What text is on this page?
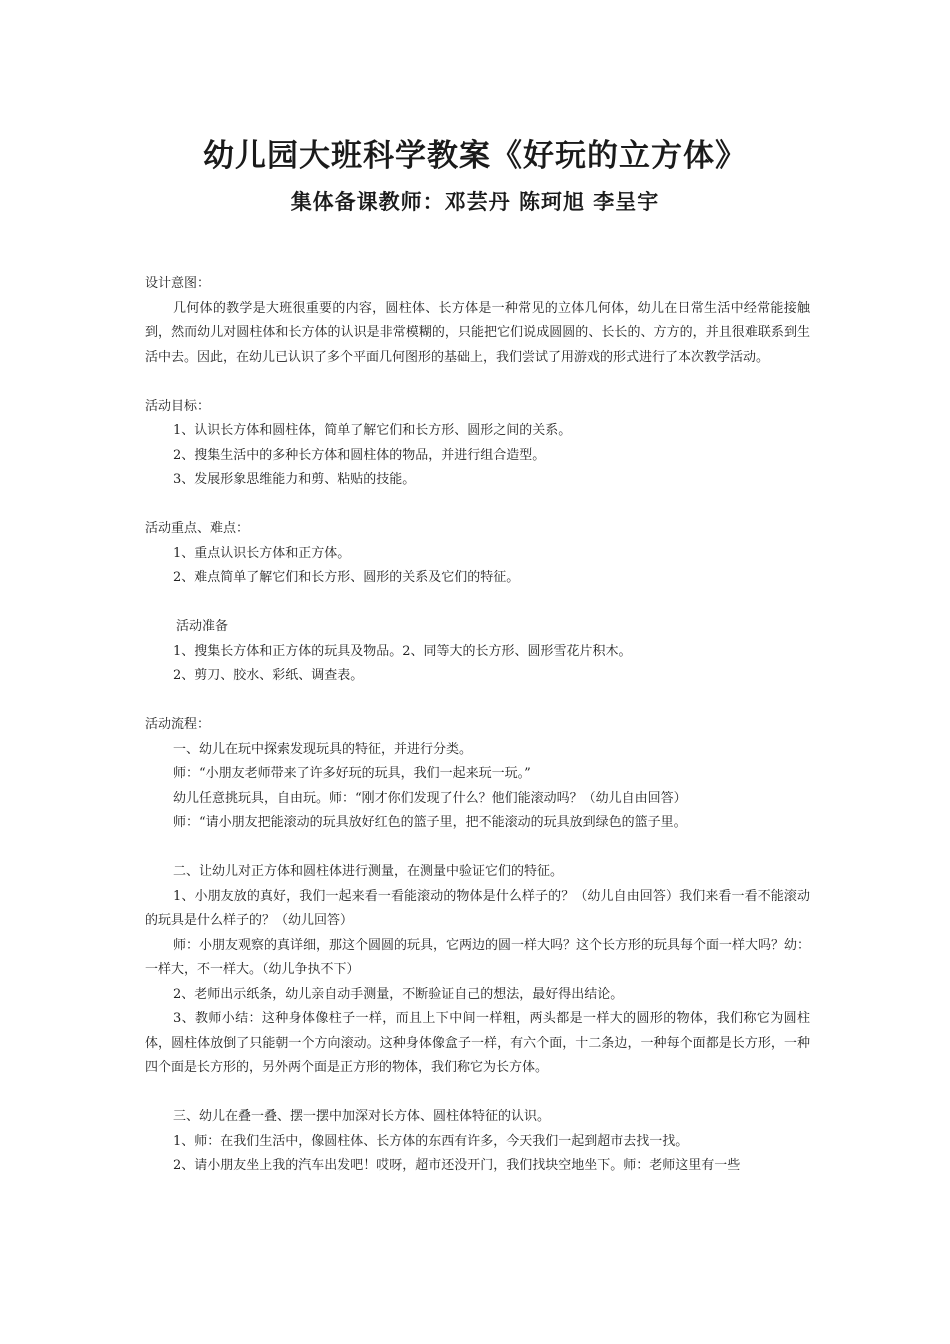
幼儿园大班科学教案《好玩的立方体》
集体备课教师：邓芸丹 陈珂旭 李呈宇
设计意图：
几何体的教学是大班很重要的内容，圆柱体、长方体是一种常见的立体几何体，幼儿在日常生活中经常能接触到，然而幼儿对圆柱体和长方体的认识是非常模糊的，只能把它们说成圆圆的、长长的、方方的，并且很难联系到生活中去。因此，在幼儿已认识了多个平面几何图形的基础上，我们尝试了用游戏的形式进行了本次教学活动。
活动目标：
1、认识长方体和圆柱体，简单了解它们和长方形、圆形之间的关系。
2、搜集生活中的多种长方体和圆柱体的物品，并进行组合造型。
3、发展形象思维能力和剪、粘贴的技能。
活动重点、难点：
1、重点认识长方体和正方体。
2、难点简单了解它们和长方形、圆形的关系及它们的特征。
活动准备
1、搜集长方体和正方体的玩具及物品。2、同等大的长方形、圆形雪花片积木。
2、剪刀、胶水、彩纸、调查表。
活动流程：
一、幼儿在玩中探索发现玩具的特征，并进行分类。
师：“小朋友老师带来了许多好玩的玩具，我们一起来玩一玩。”
幼儿任意挑玩具，自由玩。师：“刚才你们发现了什么？他们能滚动吗？（幼儿自由回答）
师：“请小朋友把能滚动的玩具放好红色的篮子里，把不能滚动的玩具放到绿色的篮子里。
二、让幼儿对正方体和圆柱体进行测量，在测量中验证它们的特征。
1、小朋友放的真好，我们一起来看一看能滚动的物体是什么样子的？（幼儿自由回答）我们来看一看不能滚动的玩具是什么样子的？（幼儿回答）
师：小朋友观察的真详细，那这个圆圆的玩具，它两边的圆一样大吗？这个长方形的玩具每个面一样大吗？幼：一样大，不一样大。（幼儿争执不下）
2、老师出示纸条，幼儿亲自动手测量，不断验证自己的想法，最好得出结论。
3、教师小结：这种身体像柱子一样，而且上下中间一样粗，两头都是一样大的圆形的物体，我们称它为圆柱体，圆柱体放倒了只能朝一个方向滚动。这种身体像盒子一样，有六个面，十二条边，一种每个面都是长方形，一种四个面是长方形的，另外两个面是正方形的物体，我们称它为长方体。
三、幼儿在叠一叠、摆一摆中加深对长方体、圆柱体特征的认识。
1、师：在我们生活中，像圆柱体、长方体的东西有许多，今天我们一起到超市去找一找。
2、请小朋友坐上我的汽车出发吧！哎呀，超市还没开门，我们找块空地坐下。师：老师这里有一些
